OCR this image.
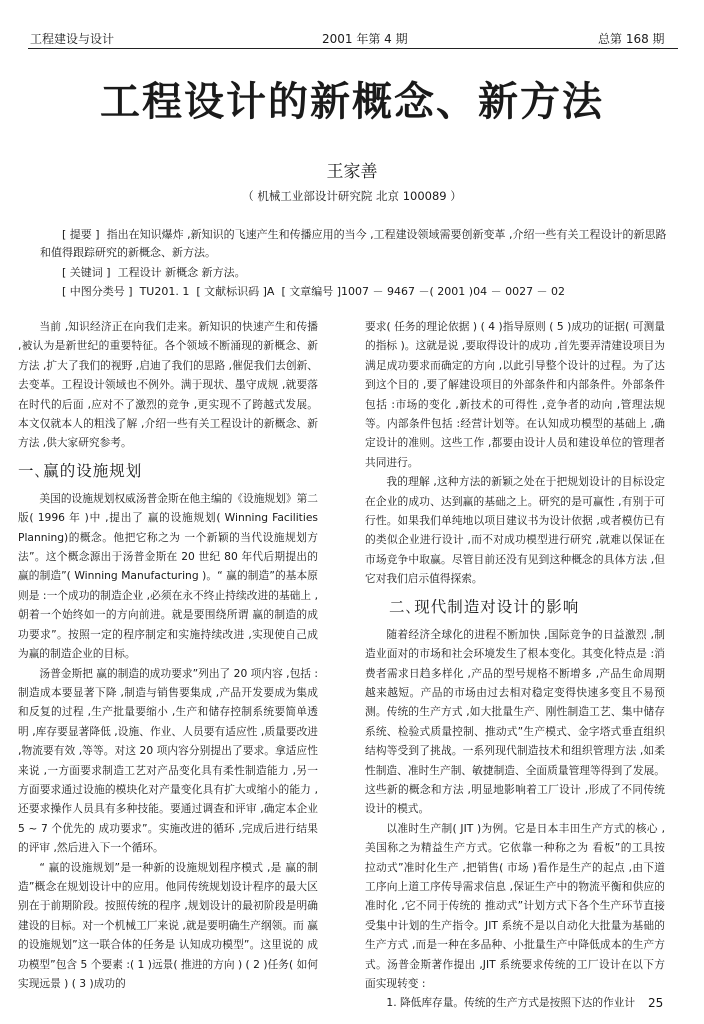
工程建设与设计	2001 年第 4 期	总第 168 期
工程设计的新概念、新方法
王家善
（ 机械工业部设计研究院 北京 100089 ）

[ 提要 ] 指出在知识爆炸 ,新知识的飞速产生和传播应用的当今 ,工程建设领域需要创新变革 ,介绍一些有关工程设计的新思路和值得跟踪研究的新概念、新方法。

[ 关键词 ] 工程设计 新概念 新方法。
[ 中图分类号 ] TU201. 1 [ 文献标识码 ]A [ 文章编号 ]1007 － 9467 －( 2001 )04 － 0027 － 02

当前 ,知识经济正在向我们走来。新知识的快速产生和传播 ,被认为是新世纪的重要特征。各个领域不断涌现的新概念、新方法 ,扩大了我们的视野 ,启迪了我们的思路 ,催促我们去创新、去变革。工程设计领域也不例外。满于现状、墨守成规 ,就要落在时代的后面 ,应对不了激烈的竞争 ,更实现不了跨越式发展。本文仅就本人的粗浅了解 ,介绍一些有关工程设计的新概念、新方法 ,供大家研究参考。

一､赢的设施规划

美国的设施规划权威汤普金斯在他主编的《设施规划》第二版( 1996 年 )中 ,提出了 赢的设施规划( Winning Facilities Planning)的概念。他把它称之为 一个新颖的当代设施规划方法”。这个概念源出于汤普金斯在 20 世纪 80 年代后期提出的 赢的制造”( Winning Manufacturing )。“ 赢的制造”的基本原则是 :一个成功的制造企业 ,必须在永不终止持续改进的基础上 ,朝着一个始终如一的方向前进。就是要围绕所谓 赢的制造的成功要求”。按照一定的程序制定和实施持续改进 ,实现使自己成为赢的制造企业的目标。

汤普金斯把 赢的制造的成功要求”列出了 20 项内容 ,包括 :制造成本要显著下降 ,制造与销售要集成 ,产品开发要成为集成和反复的过程 ,生产批量要缩小 ,生产和储存控制系统要简单透明 ,库存要显著降低 ,设施、作业、人员要有适应性 ,质量要改进 ,物流要有效 ,等等。对这 20 项内容分别提出了要求。拿适应性来说 ,一方面要求制造工艺对产品变化具有柔性制造能力 ,另一方面要求通过设施的模块化对产量变化具有扩大或缩小的能力 ,还要求操作人员具有多种技能。要通过调查和评审 ,确定本企业 5 ~ 7 个优先的 成功要求”。实施改进的循环 ,完成后进行结果的评审 ,然后进入下一个循环。

“ 赢的设施规划”是一种新的设施规划程序模式 ,是 赢的制造”概念在规划设计中的应用。他同传统规划设计程序的最大区别在于前期阶段。按照传统的程序 ,规划设计的最初阶段是明确建设的目标。对一个机械工厂来说 ,就是要明确生产纲领。而 赢的设施规划”这一联合体的任务是 认知成功模型”。这里说的 成功模型”包含 5 个要素 :( 1 )远景( 推进的方向 ) ( 2 )任务( 如何实现远景 ) ( 3 )成功的

要求( 任务的理论依据 ) ( 4 )指导原则 ( 5 )成功的证据( 可测量的指标 )。这就是说 ,要取得设计的成功 ,首先要弄清建设项目为满足成功要求而确定的方向 ,以此引导整个设计的过程。为了达到这个目的 ,要了解建设项目的外部条件和内部条件。外部条件包括 :市场的变化 ,新技术的可得性 ,竞争者的动向 ,管理法规等。内部条件包括 :经营计划等。在认知成功模型的基础上 ,确定设计的准则。这些工作 ,都要由设计人员和建设单位的管理者共同进行。

我的理解 ,这种方法的新颖之处在于把规划设计的目标设定在企业的成功、达到赢的基础之上。研究的是可赢性 ,有别于可行性。如果我们单纯地以项目建议书为设计依据 ,或者模仿已有的类似企业进行设计 ,而不对成功模型进行研究 ,就难以保证在市场竞争中取赢。尽管目前还没有见到这种概念的具体方法 ,但它对我们启示值得探索。

二､现代制造对设计的影响

随着经济全球化的进程不断加快 ,国际竞争的日益激烈 ,制造业面对的市场和社会环境发生了根本变化。其变化特点是 :消费者需求日趋多样化 ,产品的型号规格不断增多 ,产品生命周期越来越短。产品的市场由过去相对稳定变得快速多变且不易预测。传统的生产方式 ,如大批量生产、刚性制造工艺、集中储存系统、检验式质量控制、推动式”生产模式、金字塔式垂直组织结构等受到了挑战。一系列现代制造技术和组织管理方法 ,如柔性制造、准时生产制、敏捷制造、全面质量管理等得到了发展。这些新的概念和方法 ,明显地影响着工厂设计 ,形成了不同传统设计的模式。

以准时生产制( JIT )为例。它是日本丰田生产方式的核心 ,美国称之为精益生产方式。它依靠一种称之为 看板”的工具按 拉动式”准时化生产 ,把销售( 市场 )看作是生产的起点 ,由下道工序向上道工序传导需求信息 ,保证生产中的物流平衡和供应的准时化 ,它不同于传统的 推动式”计划方式下各个生产环节直接受集中计划的生产指令。JIT 系统不是以自动化大批量为基础的生产方式 ,而是一种在多品种、小批量生产中降低成本的生产方式。汤普金斯著作提出 ,JIT 系统要求传统的工厂设计在以下方面实现转变 :

1. 降低库存量。传统的生产方式是按照下达的作业计	25
